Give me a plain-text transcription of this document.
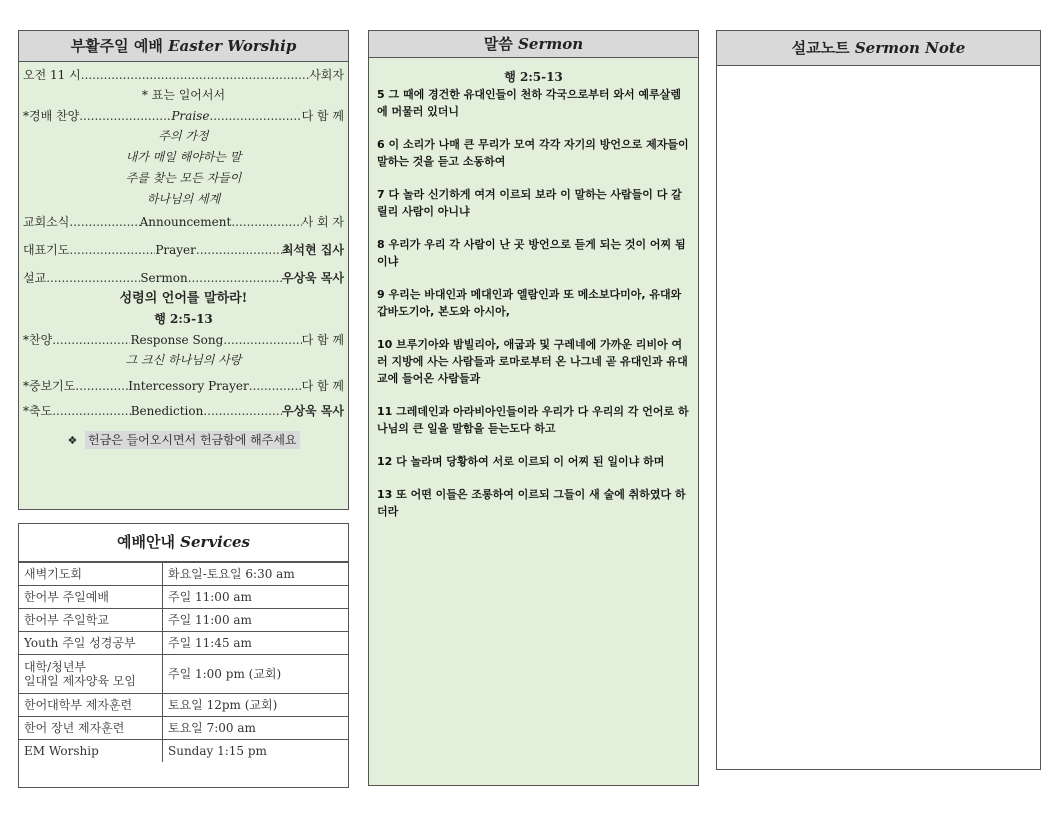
부활주일 예배 Easter Worship
오전 11 시 .....	사회자
* 표는 일어서서
*경배 찬양 .....	Praise .....	다 함 께
주의 가정
내가 매일 해야하는 말
주를 찾는 모든 자들이
하나님의 세계
교회소식 .....	Announcement .....	사 회 자
대표기도 .....	Prayer .....	최석현 집사
설교 .....	Sermon .....	우상욱 목사
성령의 언어를 말하라!
행 2:5-13
*찬양 .....	Response Song .....	다 함 께
그 크신 하나님의 사랑
*중보기도 .....	Intercessory Prayer .....	다 함 께
*축도 .....	Benediction .....	우상욱 목사
❖ 헌금은 들어오시면서 헌금함에 해주세요
예배안내 Services
새벽기도회	화요일-토요일 6:30 am
한어부 주일예배	주일 11:00 am
한어부 주일학교	주일 11:00 am
Youth 주일 성경공부	주일 11:45 am
대학/청년부
일대일 제자양육 모임	주일 1:00 pm (교회)
한어대학부 제자훈련	토요일 12pm (교회)
한어 장년 제자훈련	토요일 7:00 am
EM Worship	Sunday 1:15 pm
말씀 Sermon
행 2:5-13
5 그 때에 경건한 유대인들이 천하 각국으로부터 와서 예루살렘에 머물러 있더니
6 이 소리가 나매 큰 무리가 모여 각각 자기의 방언으로 제자들이 말하는 것을 듣고 소동하여
7 다 놀라 신기하게 여겨 이르되 보라 이 말하는 사람들이 다 갈릴리 사람이 아니냐
8 우리가 우리 각 사람이 난 곳 방언으로 듣게 되는 것이 어찌 됨이냐
9 우리는 바대인과 메대인과 엘람인과 또 메소보다미아, 유대와 갑바도기아, 본도와 아시아,
10 브루기아와 밤빌리아, 애굽과 및 구레네에 가까운 리비아 여러 지방에 사는 사람들과 로마로부터 온 나그네 곧 유대인과 유대교에 들어온 사람들과
11 그레데인과 아라비아인들이라 우리가 다 우리의 각 언어로 하나님의 큰 일을 말함을 듣는도다 하고
12 다 놀라며 당황하여 서로 이르되 이 어찌 된 일이냐 하며
13 또 어떤 이들은 조롱하여 이르되 그들이 새 술에 취하였다 하더라
설교노트 Sermon Note
